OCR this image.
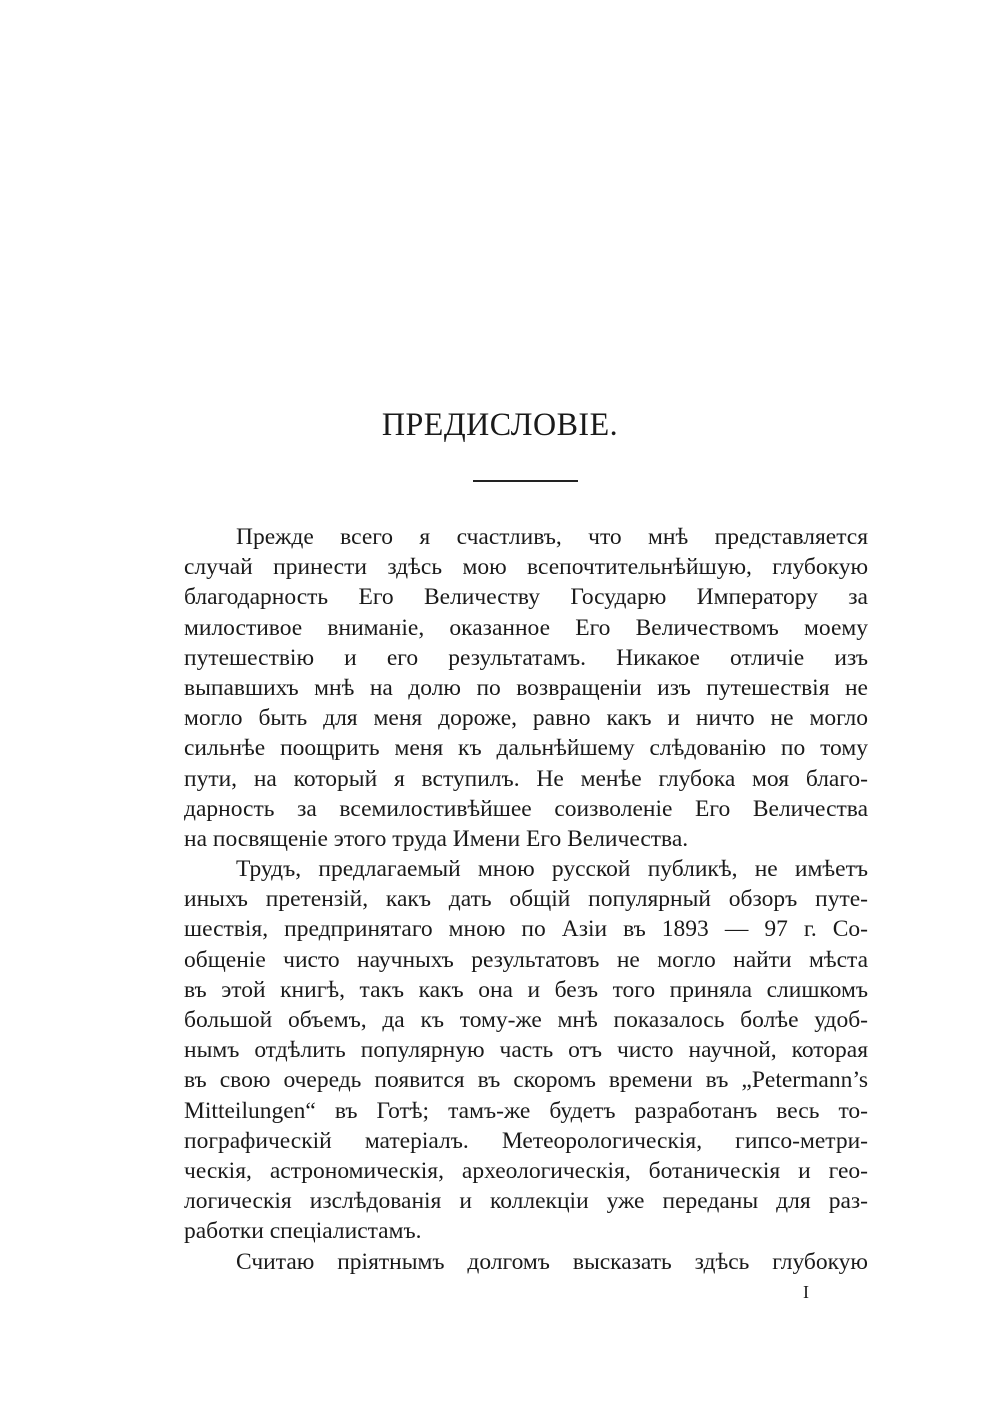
ПРЕДИСЛОВІЕ.
Прежде всего я счастливъ, что мнѣ представляется
случай принести здѣсь мою всепочтительнѣйшую, глубокую
благодарность Его Величеству Государю Императору за
милостивое вниманіе, оказанное Его Величествомъ моему
путешествію и его результатамъ. Никакое отличіе изъ
выпавшихъ мнѣ на долю по возвращеніи изъ путешествія не
могло быть для меня дороже, равно какъ и ничто не могло
сильнѣе поощрить меня къ дальнѣйшему слѣдованію по тому
пути, на который я вступилъ. Не менѣе глубока моя благо-
дарность за всемилостивѣйшее соизволеніе Его Величества
на посвященіе этого труда Имени Его Величества.
Трудъ, предлагаемый мною русской публикѣ, не имѣетъ
иныхъ претензій, какъ дать общій популярный обзоръ путе-
шествія, предпринятаго мною по Азіи въ 1893 — 97 г. Со-
общеніе чисто научныхъ результатовъ не могло найти мѣста
въ этой книгѣ, такъ какъ она и безъ того приняла слишкомъ
большой объемъ, да къ тому-же мнѣ показалось болѣе удоб-
нымъ отдѣлить популярную часть отъ чисто научной, которая
въ свою очередь появится въ скоромъ времени въ „Petermann’s
Mitteilungen“ въ Готѣ; тамъ-же будетъ разработанъ весь то-
пографическій матеріалъ. Метеорологическія, гипсо-метри-
ческія, астрономическія, археологическія, ботаническія и гео-
логическія изслѣдованія и коллекціи уже переданы для раз-
работки спеціалистамъ.
Считаю пріятнымъ долгомъ высказать здѣсь глубокую
I
